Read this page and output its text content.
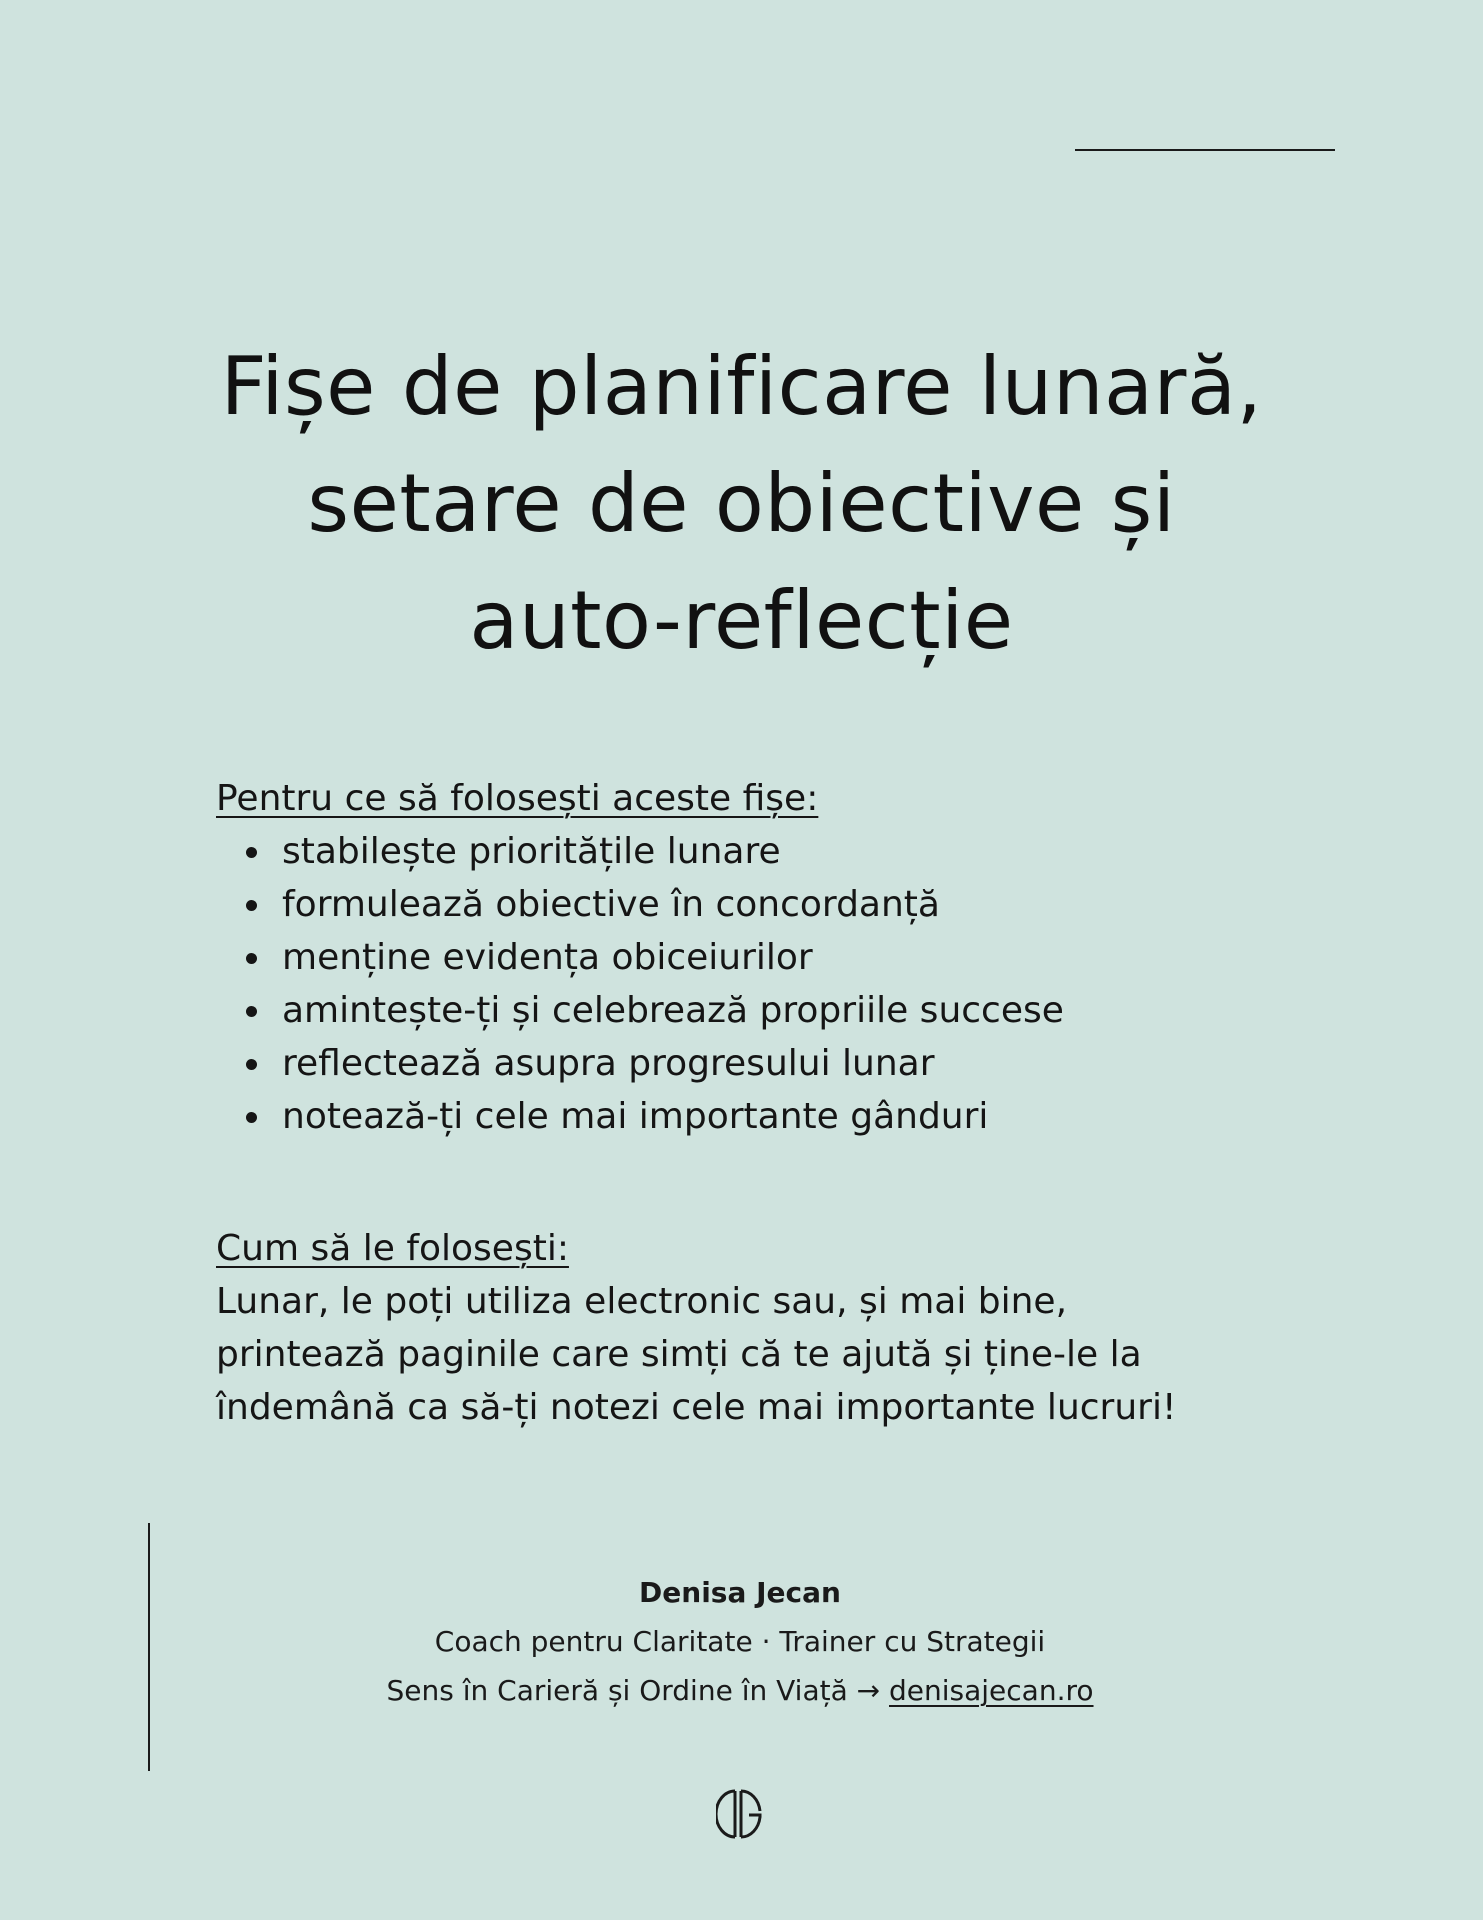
Fișe de planificare lunară,
setare de obiective și
auto-reflecție
Pentru ce să folosești aceste fișe:
stabilește prioritățile lunare
formulează obiective în concordanță
menține evidența obiceiurilor
amintește-ți și celebrează propriile succese
reflectează asupra progresului lunar
notează-ți cele mai importante gânduri
Cum să le folosești:

Lunar, le poți utiliza electronic sau, și mai bine,

printează paginile care simți că te ajută și ține-le la

îndemână ca să-ți notezi cele mai importante lucruri!

Denisa Jecan
Coach pentru Claritate · Trainer cu Strategii
Sens în Carieră și Ordine în Viață → denisajecan.ro
